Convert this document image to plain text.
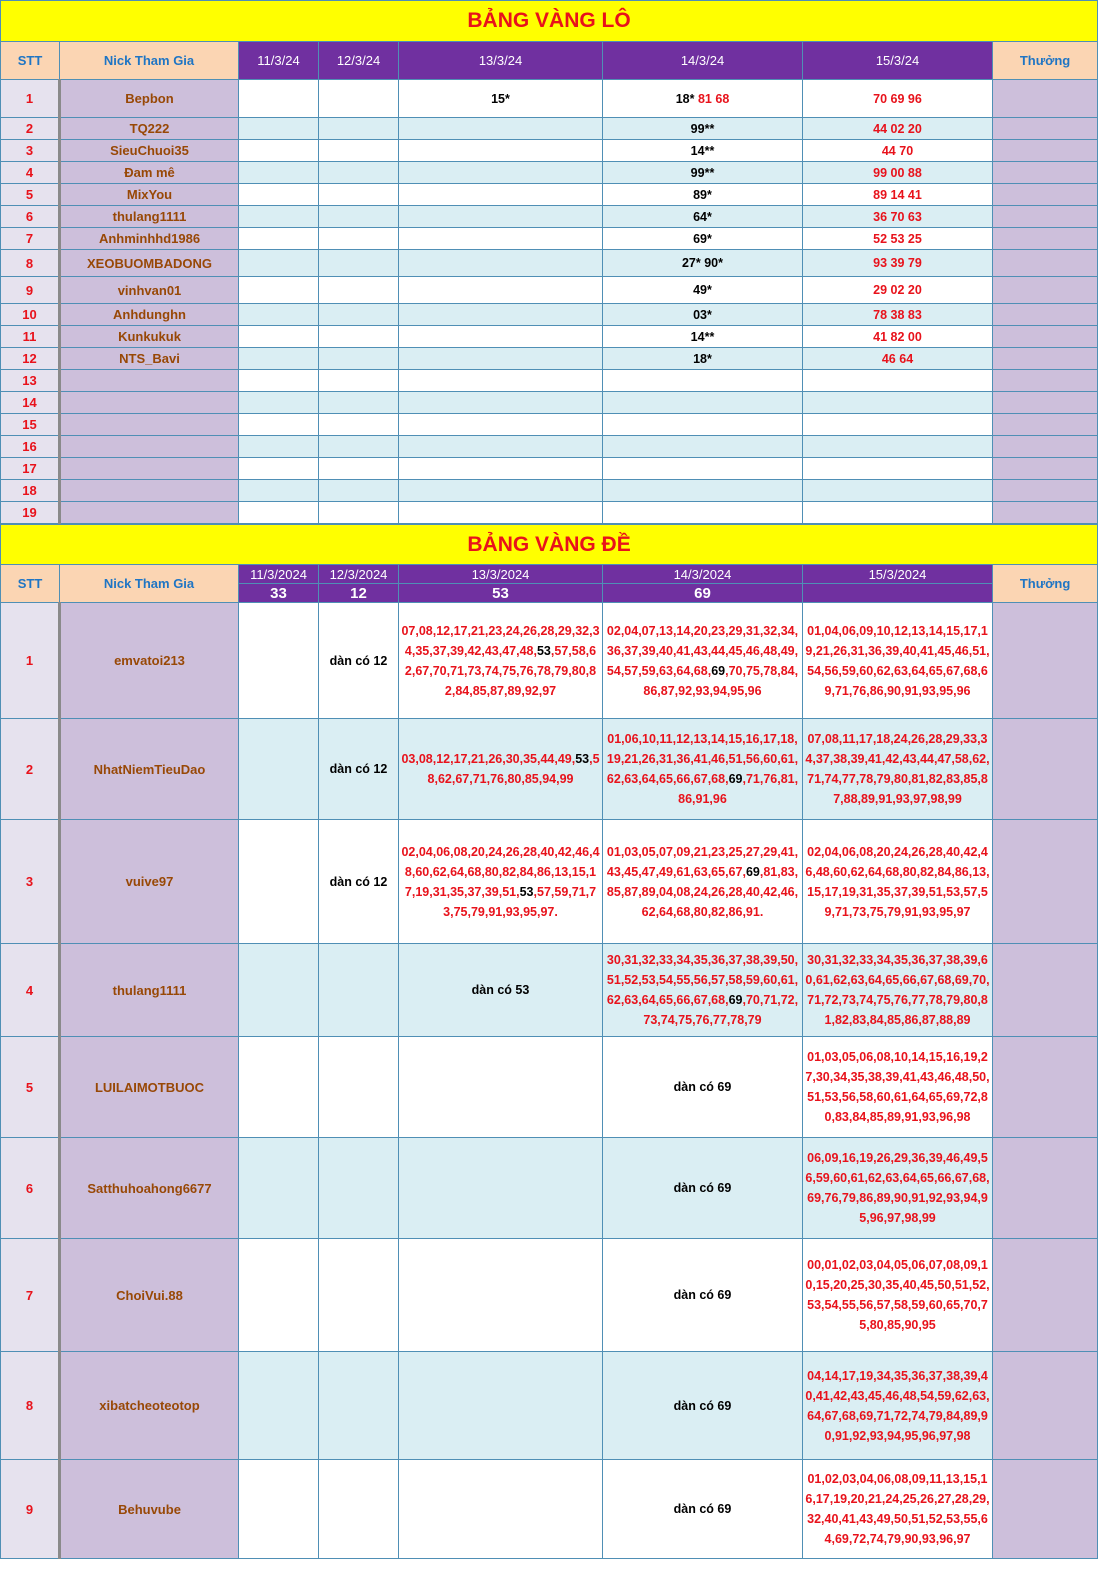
BẢNG VÀNG LÔ							
STT	Nick Tham Gia	11/3/24	12/3/24	13/3/24	14/3/24	15/3/24	Thưởng
1	Bepbon			15*	18* 81 68	70 69 96	
2	TQ222				99**	44 02 20	
3	SieuChuoi35				14**	44 70	
4	Đam mê				99**	99 00 88	
5	MixYou				89*	89 14 41	
6	thulang1111				64*	36 70 63	
7	Anhminhhd1986				69*	52 53 25	
8	XEOBUOMBADONG				27* 90*	93 39 79	
9	vinhvan01				49*	29 02 20	
10	Anhdunghn				03*	78 38 83	
11	Kunkukuk				14**	41 82 00	
12	NTS_Bavi				18*	46 64	
13							
14							
15							
16							
17							
18							
19							
BẢNG VÀNG ĐỀ							
STT	Nick Tham Gia	11/3/2024	12/3/2024	13/3/2024	14/3/2024	15/3/2024	Thưởng
		33	12	53	69		
1	emvatoi213		dàn có 12	07,08,12,17,21,23,24,26,28,29,32,34,35,37,39,42,43,47,48,53,57,58,62,67,70,71,73,74,75,76,78,79,80,82,84,85,87,89,92,97	02,04,07,13,14,20,23,29,31,32,34,36,37,39,40,41,43,44,45,46,48,49,54,57,59,63,64,68,69,70,75,78,84,86,87,92,93,94,95,96	01,04,06,09,10,12,13,14,15,17,19,21,26,31,36,39,40,41,45,46,51,54,56,59,60,62,63,64,65,67,68,69,71,76,86,90,91,93,95,96	
2	NhatNiemTieuDao		dàn có 12	03,08,12,17,21,26,30,35,44,49,53,58,62,67,71,76,80,85,94,99	01,06,10,11,12,13,14,15,16,17,18,19,21,26,31,36,41,46,51,56,60,61,62,63,64,65,66,67,68,69,71,76,81,86,91,96	07,08,11,17,18,24,26,28,29,33,34,37,38,39,41,42,43,44,47,58,62,71,74,77,78,79,80,81,82,83,85,87,88,89,91,93,97,98,99	
3	vuive97		dàn có 12	02,04,06,08,20,24,26,28,40,42,46,48,60,62,64,68,80,82,84,86,13,15,17,19,31,35,37,39,51,53,57,59,71,73,75,79,91,93,95,97.	01,03,05,07,09,21,23,25,27,29,41,43,45,47,49,61,63,65,67,69,81,83,85,87,89,04,08,24,26,28,40,42,46,62,64,68,80,82,86,91.	02,04,06,08,20,24,26,28,40,42,46,48,60,62,64,68,80,82,84,86,13,15,17,19,31,35,37,39,51,53,57,59,71,73,75,79,91,93,95,97	
4	thulang1111			dàn có 53	30,31,32,33,34,35,36,37,38,39,50,51,52,53,54,55,56,57,58,59,60,61,62,63,64,65,66,67,68,69,70,71,72,73,74,75,76,77,78,79	30,31,32,33,34,35,36,37,38,39,60,61,62,63,64,65,66,67,68,69,70,71,72,73,74,75,76,77,78,79,80,81,82,83,84,85,86,87,88,89	
5	LUILAIMOTBUOC				dàn có 69	01,03,05,06,08,10,14,15,16,19,27,30,34,35,38,39,41,43,46,48,50,51,53,56,58,60,61,64,65,69,72,80,83,84,85,89,91,93,96,98	
6	Satthuhoahong6677				dàn có 69	06,09,16,19,26,29,36,39,46,49,56,59,60,61,62,63,64,65,66,67,68,69,76,79,86,89,90,91,92,93,94,95,96,97,98,99	
7	ChoiVui.88				dàn có 69	00,01,02,03,04,05,06,07,08,09,10,15,20,25,30,35,40,45,50,51,52,53,54,55,56,57,58,59,60,65,70,75,80,85,90,95	
8	xibatcheoteotop				dàn có 69	04,14,17,19,34,35,36,37,38,39,40,41,42,43,45,46,48,54,59,62,63,64,67,68,69,71,72,74,79,84,89,90,91,92,93,94,95,96,97,98	
9	Behuvube				dàn có 69	01,02,03,04,06,08,09,11,13,15,16,17,19,20,21,24,25,26,27,28,29,32,40,41,43,49,50,51,52,53,55,64,69,72,74,79,90,93,96,97	
